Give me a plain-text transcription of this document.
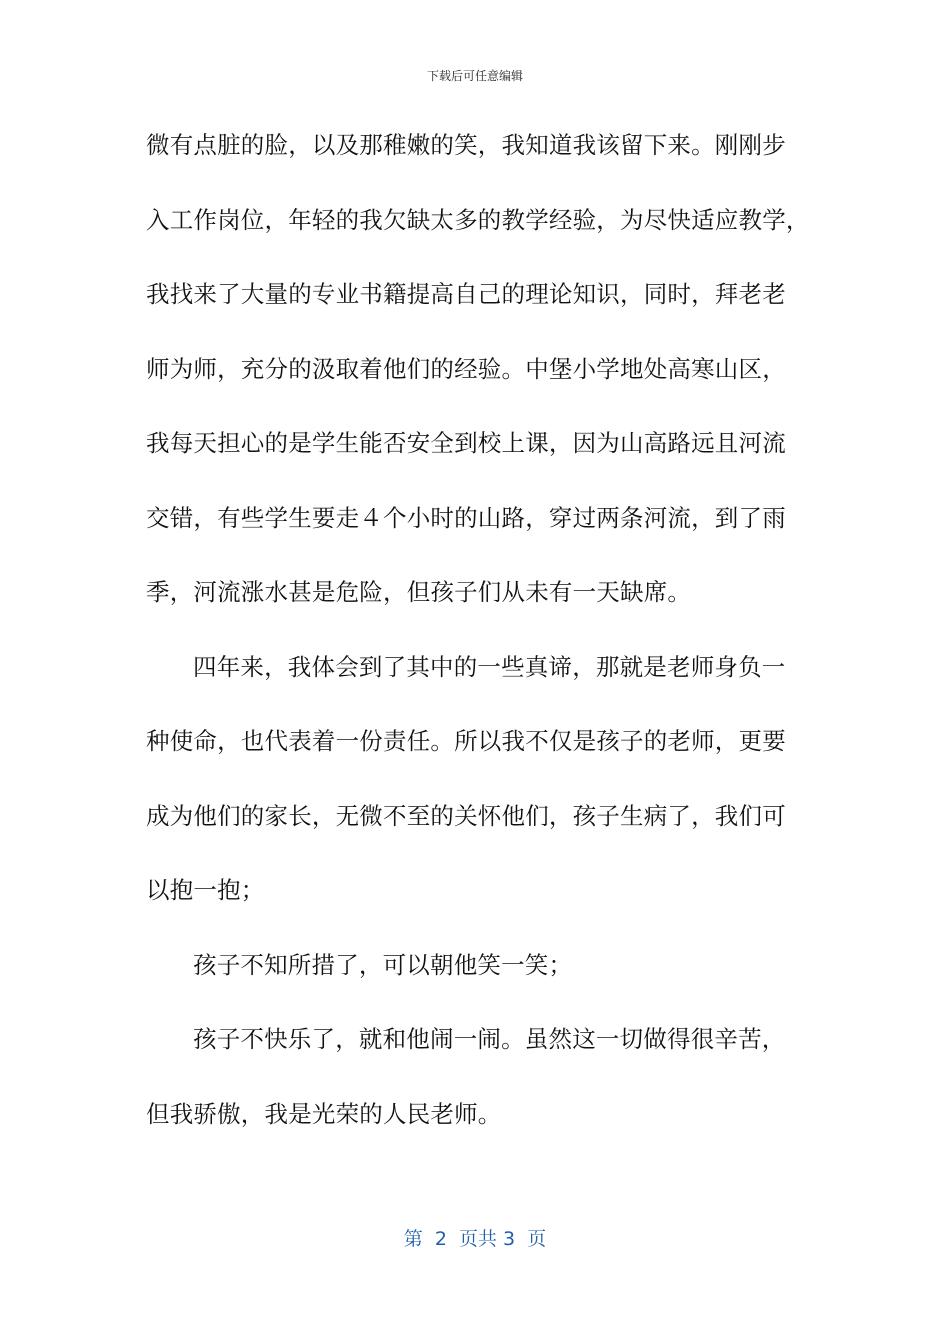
下载后可任意编辑
微有点脏的脸，以及那稚嫩的笑，我知道我该留下来。刚刚步
入工作岗位，年轻的我欠缺太多的教学经验，为尽快适应教学，
我找来了大量的专业书籍提高自己的理论知识，同时，拜老老
师为师，充分的汲取着他们的经验。中堡小学地处高寒山区，
我每天担心的是学生能否安全到校上课，因为山高路远且河流
交错，有些学生要走４个小时的山路，穿过两条河流，到了雨
季，河流涨水甚是危险，但孩子们从未有一天缺席。
四年来，我体会到了其中的一些真谛，那就是老师身负一
种使命，也代表着一份责任。所以我不仅是孩子的老师，更要
成为他们的家长，无微不至的关怀他们，孩子生病了，我们可
以抱一抱；
孩子不知所措了，可以朝他笑一笑；
孩子不快乐了，就和他闹一闹。虽然这一切做得很辛苦，
但我骄傲，我是光荣的人民老师。
第  2  页共 3  页
